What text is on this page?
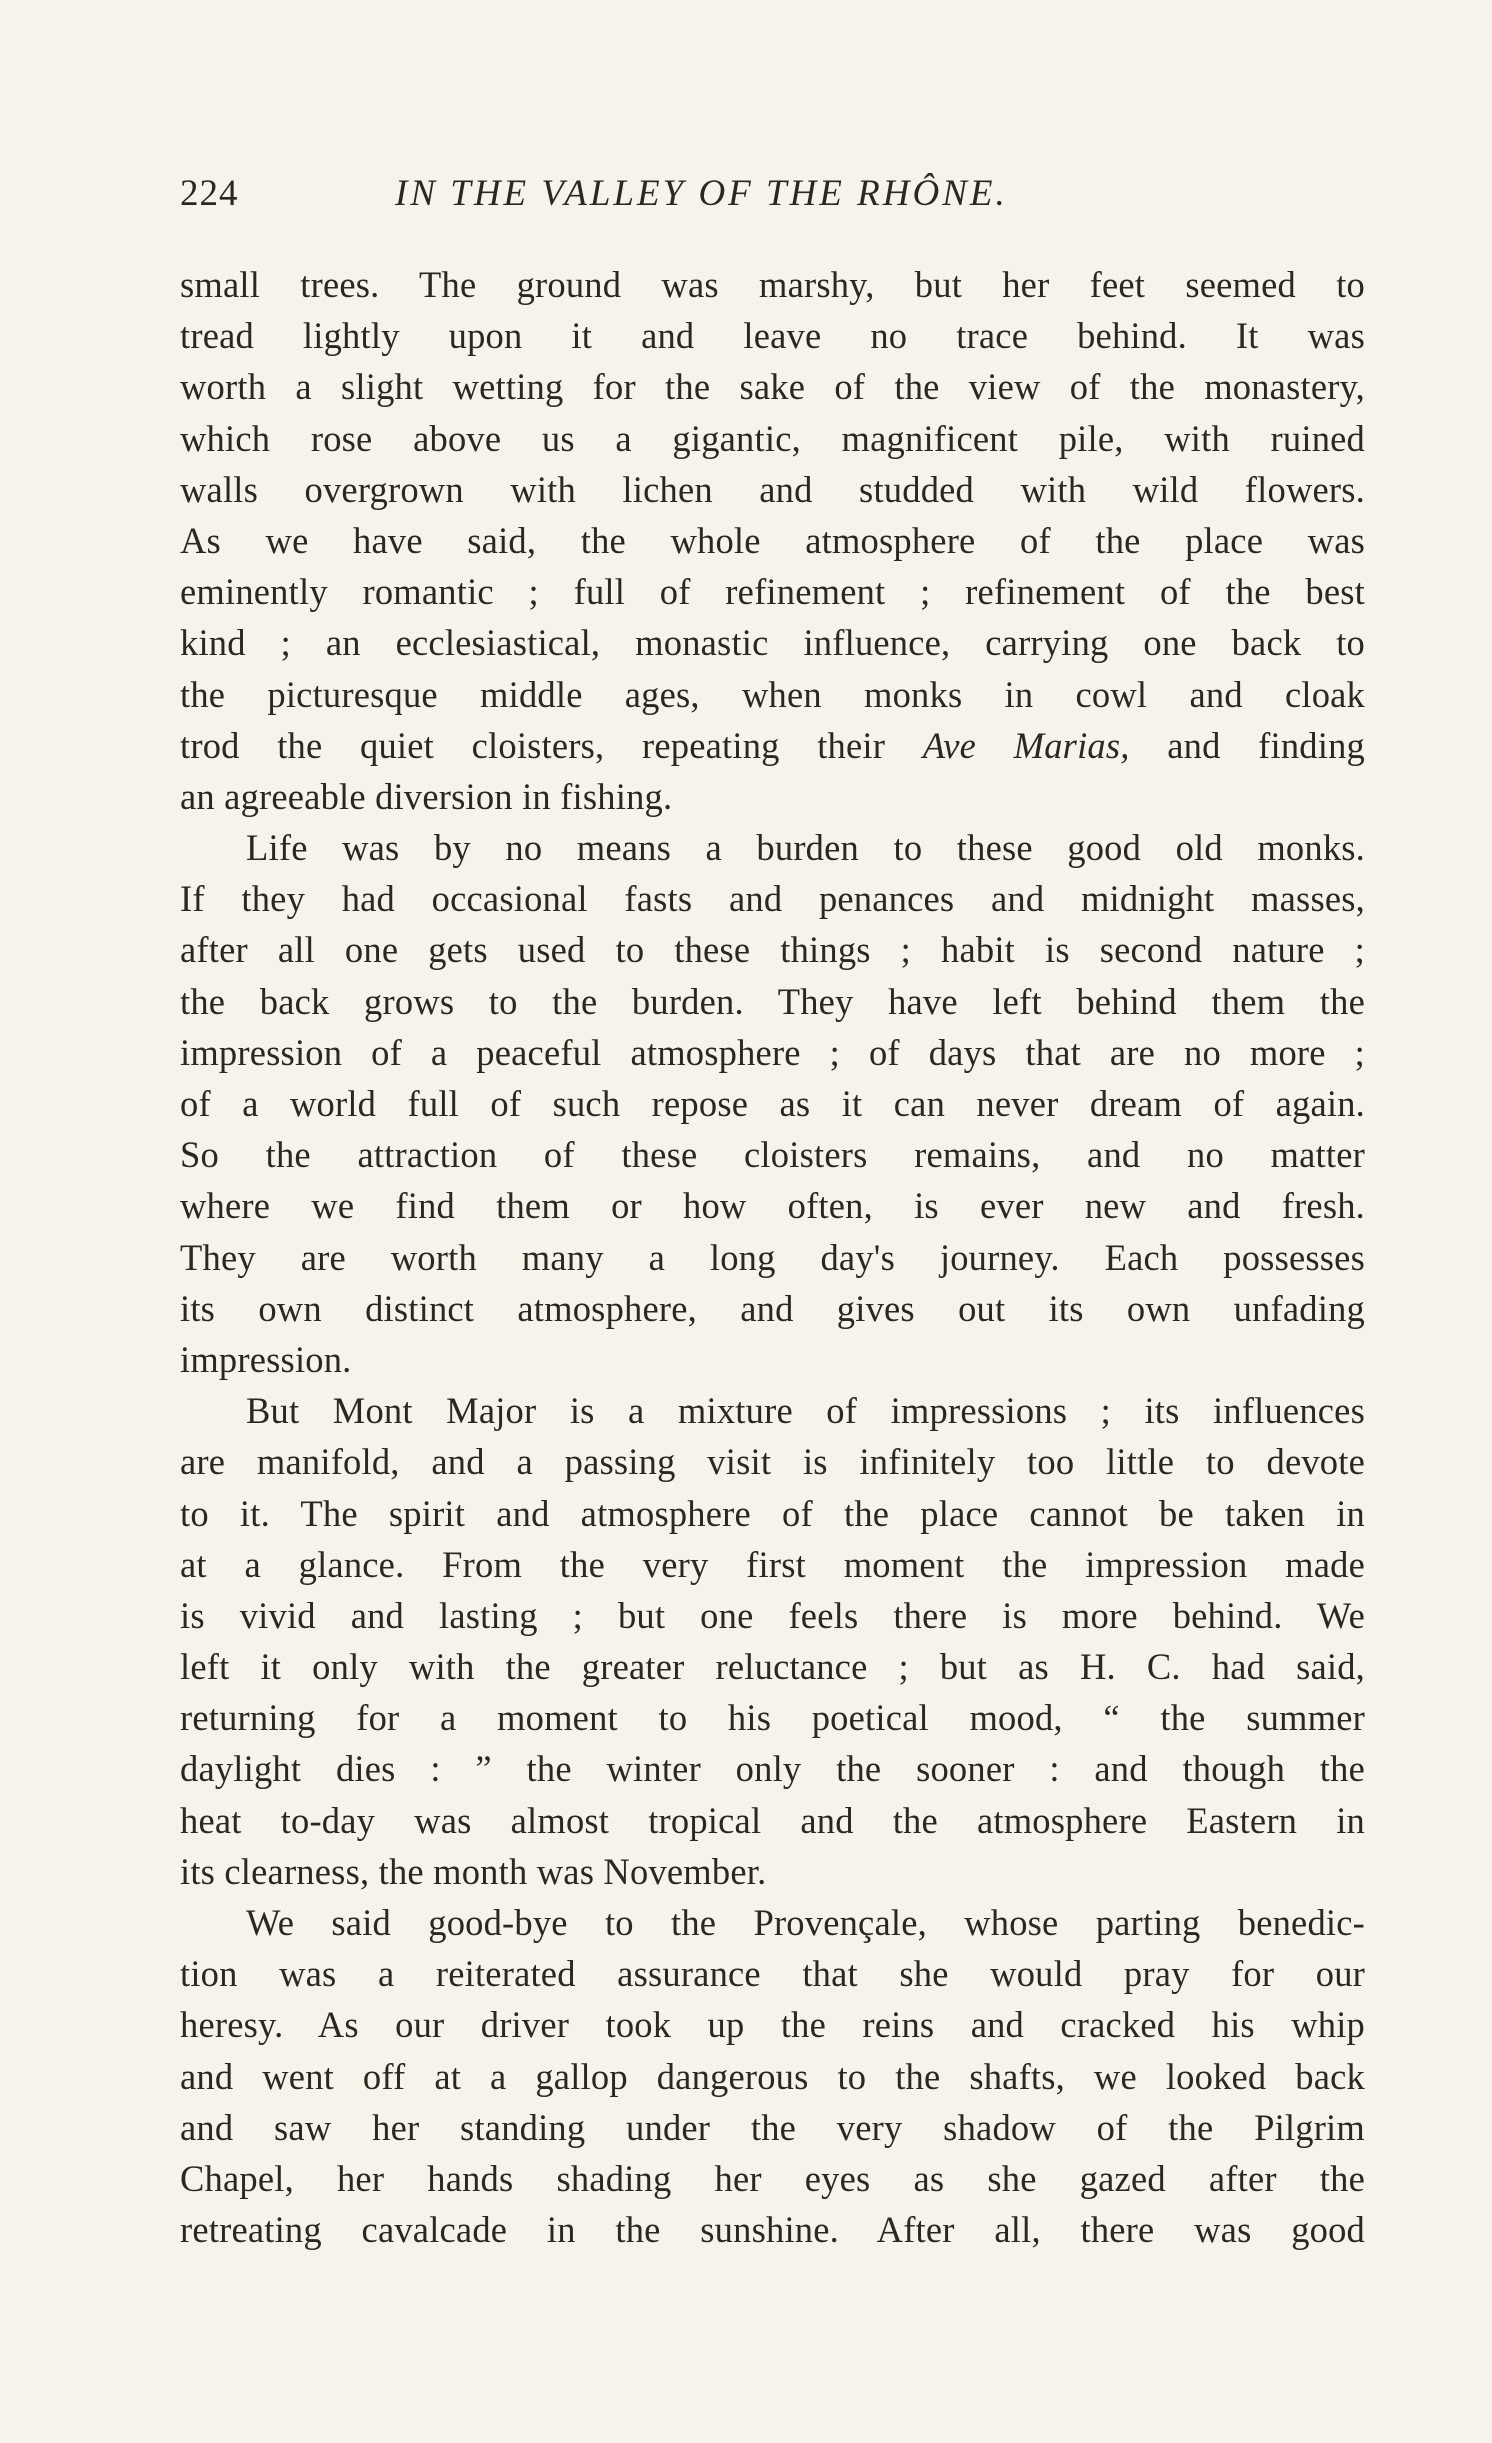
224	IN THE VALLEY OF THE RHÔNE.
small trees. The ground was marshy, but her feet seemed to
tread lightly upon it and leave no trace behind. It was
worth a slight wetting for the sake of the view of the monastery,
which rose above us a gigantic, magnificent pile, with ruined
walls overgrown with lichen and studded with wild flowers.
As we have said, the whole atmosphere of the place was
eminently romantic ; full of refinement ; refinement of the best
kind ; an ecclesiastical, monastic influence, carrying one back to
the picturesque middle ages, when monks in cowl and cloak
trod the quiet cloisters, repeating their Ave Marias, and finding
an agreeable diversion in fishing.
Life was by no means a burden to these good old monks.
If they had occasional fasts and penances and midnight masses,
after all one gets used to these things ; habit is second nature ;
the back grows to the burden. They have left behind them the
impression of a peaceful atmosphere ; of days that are no more ;
of a world full of such repose as it can never dream of again.
So the attraction of these cloisters remains, and no matter
where we find them or how often, is ever new and fresh.
They are worth many a long day's journey. Each possesses
its own distinct atmosphere, and gives out its own unfading
impression.
But Mont Major is a mixture of impressions ; its influences
are manifold, and a passing visit is infinitely too little to devote
to it. The spirit and atmosphere of the place cannot be taken in
at a glance. From the very first moment the impression made
is vivid and lasting ; but one feels there is more behind. We
left it only with the greater reluctance ; but as H. C. had said,
returning for a moment to his poetical mood, “ the summer
daylight dies : ” the winter only the sooner : and though the
heat to-day was almost tropical and the atmosphere Eastern in
its clearness, the month was November.
We said good-bye to the Provençale, whose parting benedic-
tion was a reiterated assurance that she would pray for our
heresy. As our driver took up the reins and cracked his whip
and went off at a gallop dangerous to the shafts, we looked back
and saw her standing under the very shadow of the Pilgrim
Chapel, her hands shading her eyes as she gazed after the
retreating cavalcade in the sunshine. After all, there was good
